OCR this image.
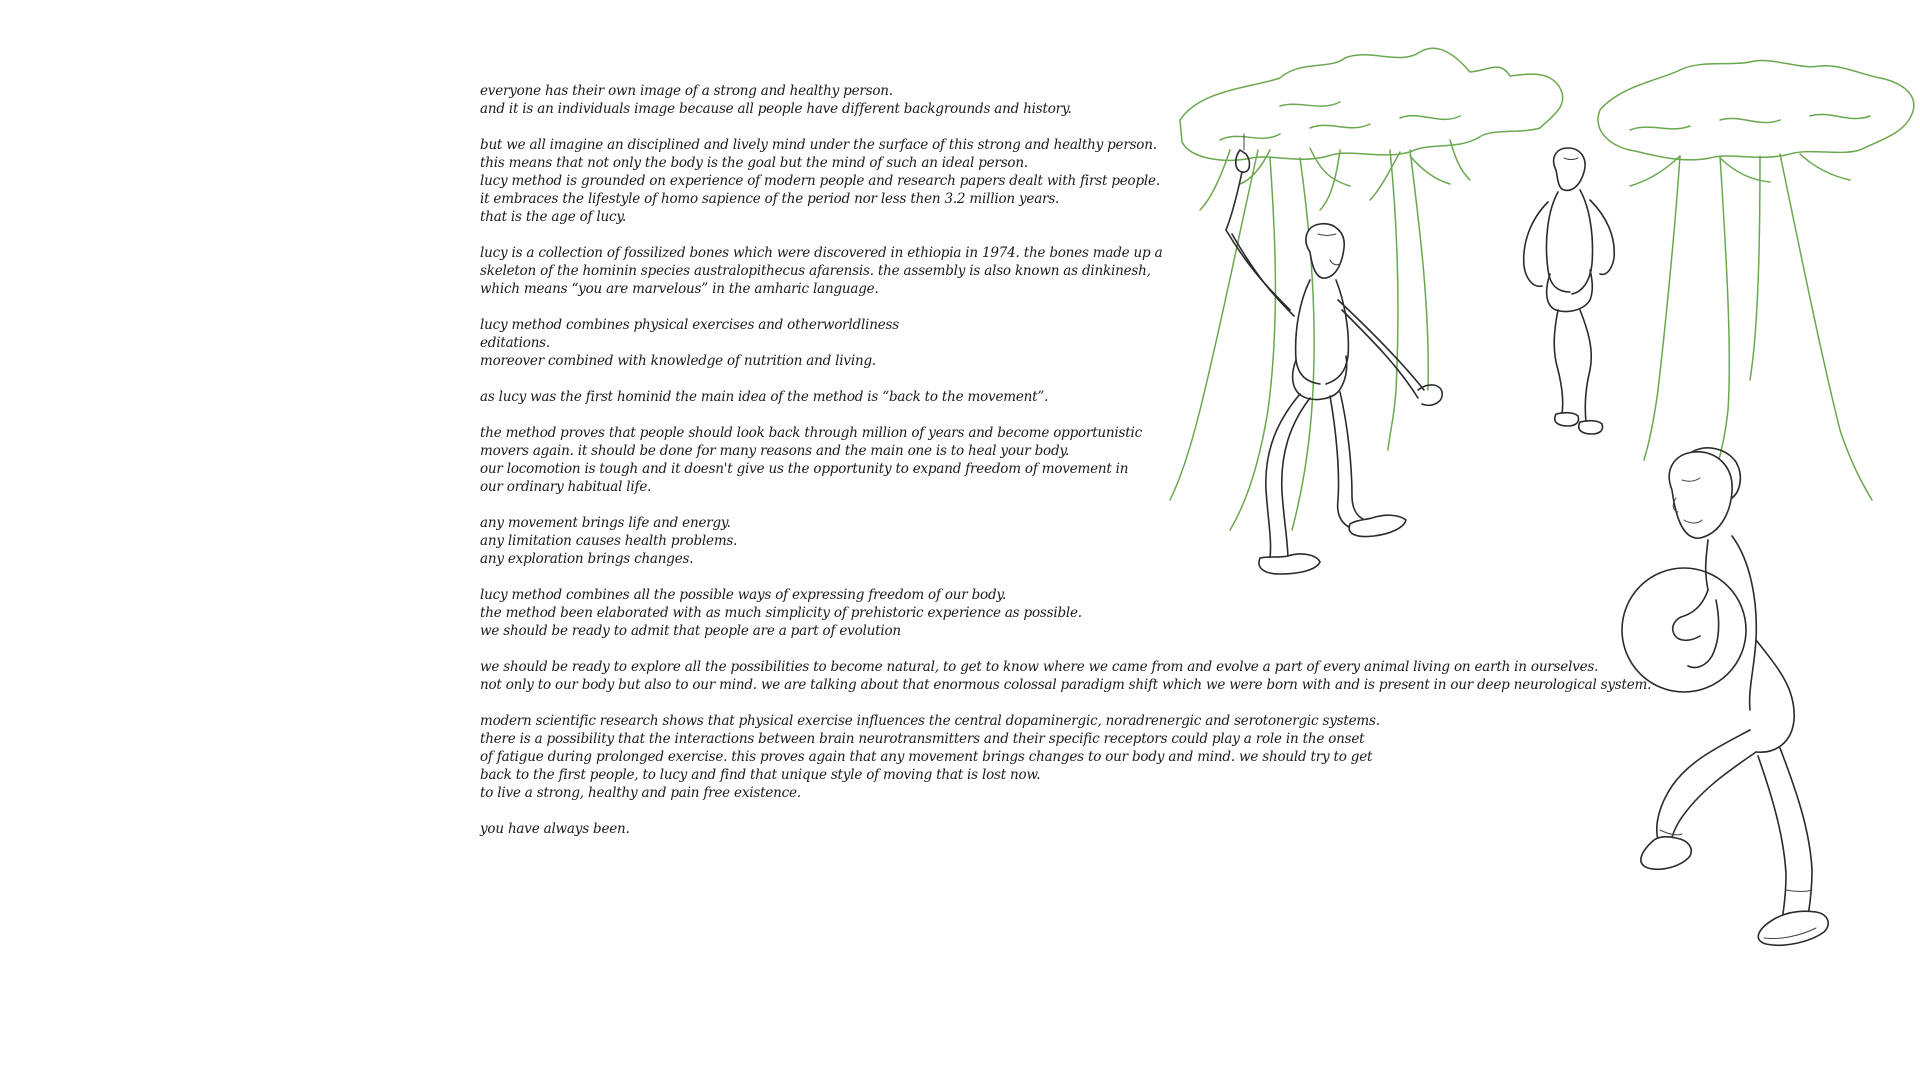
everyone has their own image of a strong and healthy person.
and it is an individuals image because all people have different backgrounds and history.
but we all imagine an disciplined and lively mind under the surface of this strong and healthy person.
this means that not only the body is the goal but the mind of such an ideal person.
lucy method is grounded on experience of modern people and research papers dealt with first people.
it embraces the lifestyle of homo sapience of the period nor less then 3.2 million years.
that is the age of lucy.
lucy is a collection of fossilized bones which were discovered in ethiopia in 1974. the bones made up a
skeleton of the hominin species australopithecus afarensis. the assembly is also known as dinkinesh,
which means “you are marvelous” in the amharic language.
lucy method combines physical exercises and otherworldliness
editations.
moreover combined with knowledge of nutrition and living.
as lucy was the first hominid the main idea of the method is “back to the movement”.
the method proves that people should look back through million of years and become opportunistic
movers again. it should be done for many reasons and the main one is to heal your body.
our locomotion is tough and it doesn't give us the opportunity to expand freedom of movement in
our ordinary habitual life.
any movement brings life and energy.
any limitation causes health problems.
any exploration brings changes.
lucy method combines all the possible ways of expressing freedom of our body.
the method been elaborated with as much simplicity of prehistoric experience as possible.
we should be ready to admit that people are a part of evolution
we should be ready to explore all the possibilities to become natural, to get to know where we came from and evolve a part of every animal living on earth in ourselves.
not only to our body but also to our mind. we are talking about that enormous colossal paradigm shift which we were born with and is present in our deep neurological system.
modern scientific research shows that physical exercise influences the central dopaminergic, noradrenergic and serotonergic systems.
there is a possibility that the interactions between brain neurotransmitters and their specific receptors could play a role in the onset
of fatigue during prolonged exercise. this proves again that any movement brings changes to our body and mind. we should try to get
back to the first people, to lucy and find that unique style of moving that is lost now.
to live a strong, healthy and pain free existence.
you have always been.
